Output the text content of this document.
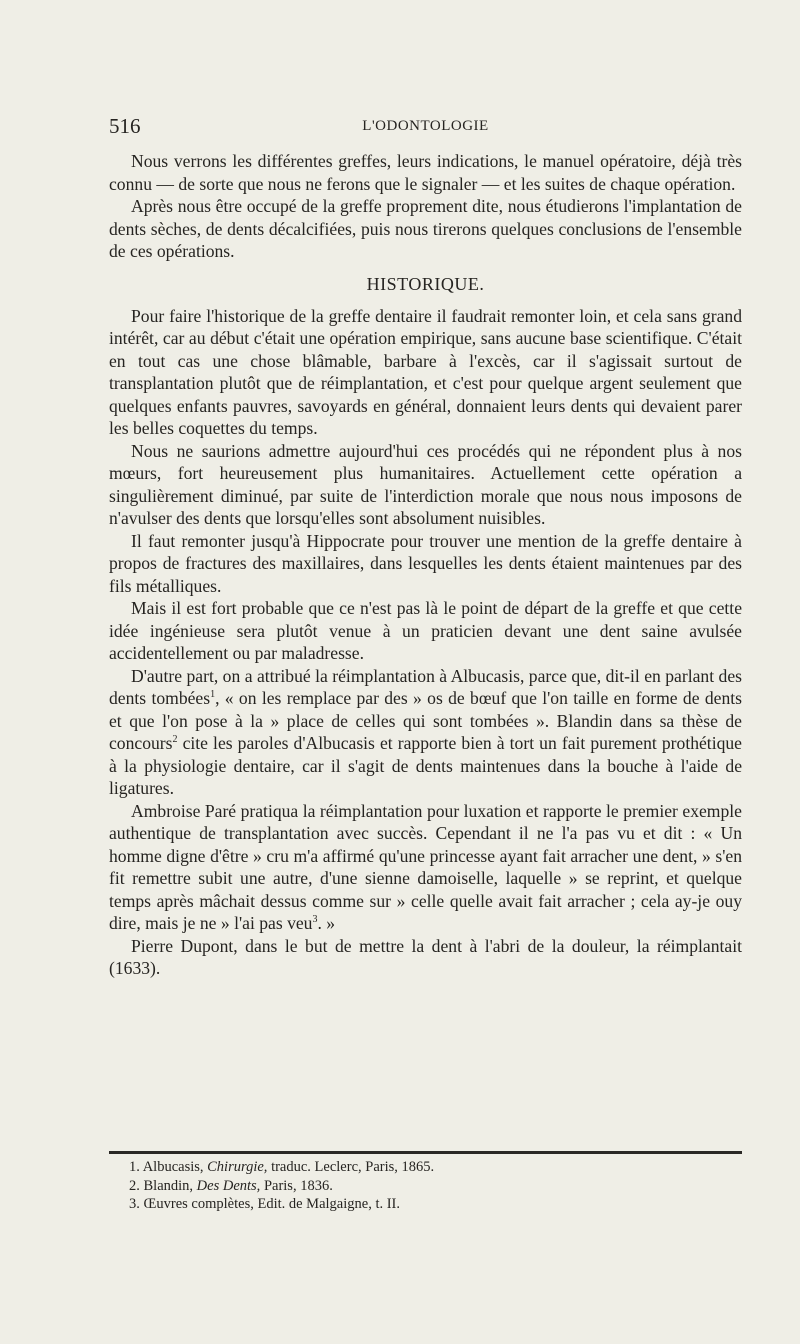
516	L'ODONTOLOGIE

Nous verrons les différentes greffes, leurs indications, le manuel opératoire, déjà très connu — de sorte que nous ne ferons que le signaler — et les suites de chaque opération.

Après nous être occupé de la greffe proprement dite, nous étudierons l'implantation de dents sèches, de dents décalcifiées, puis nous tirerons quelques conclusions de l'ensemble de ces opérations.

HISTORIQUE.

Pour faire l'historique de la greffe dentaire il faudrait remonter loin, et cela sans grand intérêt, car au début c'était une opération empirique, sans aucune base scientifique. C'était en tout cas une chose blâmable, barbare à l'excès, car il s'agissait surtout de transplantation plutôt que de réimplantation, et c'est pour quelque argent seulement que quelques enfants pauvres, savoyards en général, donnaient leurs dents qui devaient parer les belles coquettes du temps.

Nous ne saurions admettre aujourd'hui ces procédés qui ne répondent plus à nos mœurs, fort heureusement plus humanitaires. Actuellement cette opération a singulièrement diminué, par suite de l'interdiction morale que nous nous imposons de n'avulser des dents que lorsqu'elles sont absolument nuisibles.

Il faut remonter jusqu'à Hippocrate pour trouver une mention de la greffe dentaire à propos de fractures des maxillaires, dans lesquelles les dents étaient maintenues par des fils métalliques.

Mais il est fort probable que ce n'est pas là le point de départ de la greffe et que cette idée ingénieuse sera plutôt venue à un praticien devant une dent saine avulsée accidentellement ou par maladresse.

D'autre part, on a attribué la réimplantation à Albucasis, parce que, dit-il en parlant des dents tombées$^1$, « on les remplace par des » os de bœuf que l'on taille en forme de dents et que l'on pose à la » place de celles qui sont tombées ». Blandin dans sa thèse de concours$^2$ cite les paroles d'Albucasis et rapporte bien à tort un fait purement prothétique à la physiologie dentaire, car il s'agit de dents maintenues dans la bouche à l'aide de ligatures.

Ambroise Paré pratiqua la réimplantation pour luxation et rapporte le premier exemple authentique de transplantation avec succès. Cependant il ne l'a pas vu et dit : « Un homme digne d'être » cru m'a affirmé qu'une princesse ayant fait arracher une dent, » s'en fit remettre subit une autre, d'une sienne damoiselle, laquelle » se reprint, et quelque temps après mâchait dessus comme sur » celle quelle avait fait arracher ; cela ay-je ouy dire, mais je ne » l'ai pas veu$^3$. »

Pierre Dupont, dans le but de mettre la dent à l'abri de la douleur, la réimplantait (1633).

1. Albucasis, Chirurgie, traduc. Leclerc, Paris, 1865.

2. Blandin, Des Dents, Paris, 1836.

3. Œuvres complètes, Edit. de Malgaigne, t. II.
